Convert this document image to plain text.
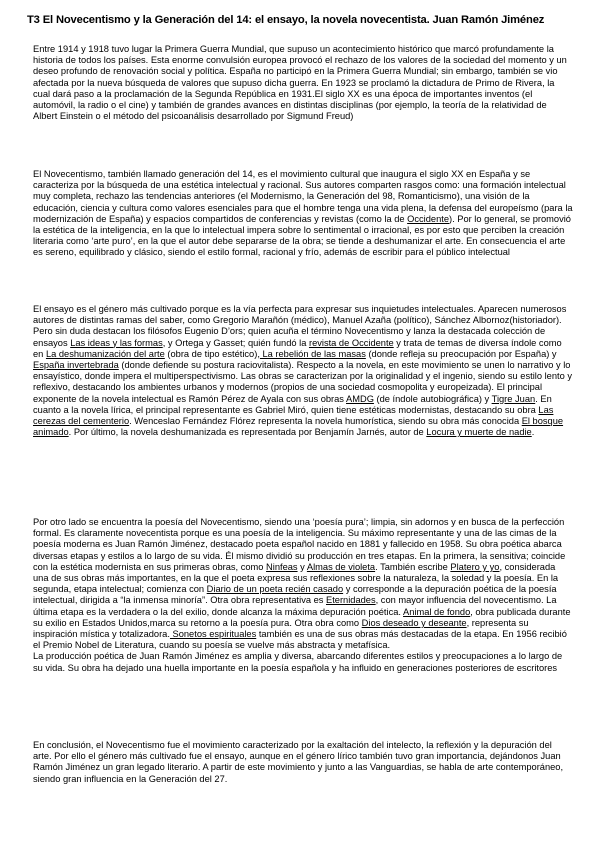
T3 El Novecentismo y la Generación del 14: el ensayo, la novela novecentista. Juan Ramón Jiménez

Entre 1914 y 1918 tuvo lugar la Primera Guerra Mundial, que supuso un acontecimiento histórico que marcó profundamente la historia de todos los países. Esta enorme convulsión europea provocó el rechazo de los valores de la sociedad del momento y un deseo profundo de renovación social y política. España no participó en la Primera Guerra Mundial; sin embargo, también se vio afectada por la nueva búsqueda de valores que supuso dicha guerra. En 1923 se proclamó la dictadura de Primo de Rivera, la cual dará paso a la proclamación de la Segunda República en 1931.El siglo XX es una época de importantes inventos (el automóvil, la radio o el cine) y también de grandes avances en distintas disciplinas (por ejemplo, la teoría de la relatividad de Albert Einstein o el método del psicoanálisis desarrollado por Sigmund Freud)

El Novecentismo, también llamado generación del 14, es el movimiento cultural que inaugura el siglo XX en España y se caracteriza por la búsqueda de una estética intelectual y racional. Sus autores comparten rasgos como: una formación intelectual muy completa, rechazo las tendencias anteriores (el Modernismo, la Generación del 98, Romanticismo), una visión de la educación, ciencia y cultura como valores esenciales para que el hombre tenga una vida plena, la defensa del europeísmo (para la modernización de España) y espacios compartidos de conferencias y revistas (como la de Occidente). Por lo general, se promovió la estética de la inteligencia, en la que lo intelectual impera sobre lo sentimental o irracional, es por esto que perciben la creación literaria como ‘arte puro’, en la que el autor debe separarse de la obra; se tiende a deshumanizar el arte. En consecuencia el arte es sereno, equilibrado y clásico, siendo el estilo formal, racional y frío, además de escribir para el público intelectual

El ensayo es el género más cultivado porque es la vía perfecta para expresar sus inquietudes intelectuales. Aparecen numerosos autores de distintas ramas del saber, como Gregorio Marañón (médico), Manuel Azaña (político), Sánchez Albornoz(historiador). Pero sin duda destacan los filósofos Eugenio D’ors; quien acuña el término Novecentismo y lanza la destacada colección de ensayos Las ideas y las formas, y Ortega y Gasset; quién fundó la revista de Occidente y trata de temas de diversa índole como en La deshumanización del arte (obra de tipo estético), La rebelión de las masas (donde refleja su preocupación por España) y España invertebrada (donde defiende su postura raciovitalista). Respecto a la novela, en este movimiento se unen lo narrativo y lo ensayístico, donde impera el multiperspectivismo. Las obras se caracterizan por la originalidad y el ingenio, siendo su estilo lento y reflexivo, destacando los ambientes urbanos y modernos (propios de una sociedad cosmopolita y europeizada). El principal exponente de la novela intelectual es Ramón Pérez de Ayala con sus obras AMDG (de índole autobiográfica) y Tigre Juan. En cuanto a la novela lírica, el principal representante es Gabriel Miró, quien tiene estéticas modernistas, destacando su obra Las cerezas del cementerio. Wenceslao Fernández Flórez representa la novela humorística, siendo su obra más conocida El bosque animado. Por último, la novela deshumanizada es representada por Benjamín Jarnés, autor de Locura y muerte de nadie.

Por otro lado se encuentra la poesía del Novecentismo, siendo una ‘poesía pura’; limpia, sin adornos y en busca de la perfección formal. Es claramente novecentista porque es una poesía de la inteligencia. Su máximo representante y una de las cimas de la poesía moderna es Juan Ramón Jiménez, destacado poeta español nacido en 1881 y fallecido en 1958. Su obra poética abarca diversas etapas y estilos a lo largo de su vida. Él mismo dividió su producción en tres etapas. En la primera, la sensitiva; coincide con la estética modernista en sus primeras obras, como Ninfeas y Almas de violeta. También escribe Platero y yo, considerada una de sus obras más importantes, en la que el poeta expresa sus reflexiones sobre la naturaleza, la soledad y la poesía. En la segunda, etapa intelectual; comienza con Diario de un poeta recién casado y corresponde a la depuración poética de la poesía intelectual, dirigida a “la inmensa minoría”. Otra obra representativa es Eternidades, con mayor influencia del novecentismo. La última etapa es la verdadera o la del exilio, donde alcanza la máxima depuración poética. Animal de fondo, obra publicada durante su exilio en Estados Unidos,marca su retorno a la poesía pura. Otra obra como Dios deseado y deseante, representa su inspiración mística y totalizadora. Sonetos espirituales también es una de sus obras más destacadas de la etapa. En 1956 recibió el Premio Nobel de Literatura, cuando su poesía se vuelve más abstracta y metafísica.
La producción poética de Juan Ramón Jiménez es amplia y diversa, abarcando diferentes estilos y preocupaciones a lo largo de su vida. Su obra ha dejado una huella importante en la poesía española y ha influido en generaciones posteriores de escritores

En conclusión, el Novecentismo fue el movimiento caracterizado por la exaltación del intelecto, la reflexión y la depuración del arte. Por ello el género más cultivado fue el ensayo, aunque en el género lírico también tuvo gran importancia, dejándonos Juan Ramón Jiménez un gran legado literario. A partir de este movimiento y junto a las Vanguardias, se habla de arte contemporáneo, siendo gran influencia en la Generación del 27.
